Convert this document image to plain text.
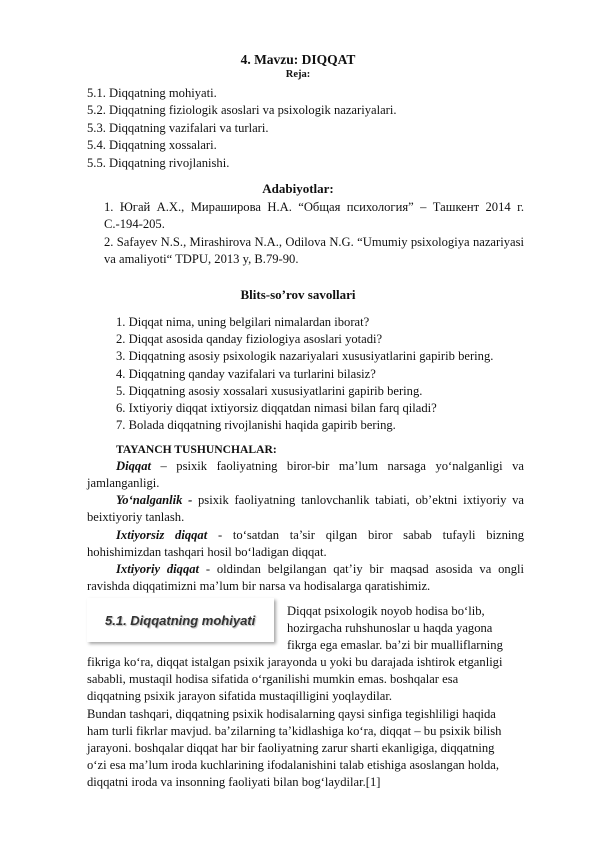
4. Mavzu: DIQQAT
Reja:
5.1. Diqqatning mohiyati.
5.2. Diqqatning fiziologik asoslari va psixologik nazariyalari.
5.3. Diqqatning vazifalari va turlari.
5.4. Diqqatning xossalari.
5.5. Diqqatning rivojlanishi.
Adabiyotlar:
1. Югай А.Х., Мираширова Н.А. “Общая психология” – Ташкент 2014 г. С.-194-205.
2. Safayev N.S., Mirashirova N.A., Odilova N.G. “Umumiy psixologiya nazariyasi va amaliyoti“ TDPU, 2013 y, B.79-90.
Blits-so’rov savollari
1. Diqqat nima, uning belgilari nimalardan iborat?
2. Diqqat asosida qanday fiziologiya asoslari yotadi?
3. Diqqatning asosiy psixologik nazariyalari xususiyatlarini gapirib bering.
4. Diqqatning qanday vazifalari va turlarini bilasiz?
5. Diqqatning asosiy xossalari xususiyatlarini gapirib bering.
6. Ixtiyoriy diqqat ixtiyorsiz diqqatdan nimasi bilan farq qiladi?
7. Bolada diqqatning rivojlanishi haqida gapirib bering.
TAYANCH TUSHUNCHALAR:
Diqqat – psixik faoliyatning biror-bir ma’lum narsaga yo‘nalganligi va jamlanganligi.
Yo‘nalganlik - psixik faoliyatning tanlovchanlik tabiati, ob’ektni ixtiyoriy va beixtiyoriy tanlash.
Ixtiyorsiz diqqat - to‘satdan ta’sir qilgan biror sabab tufayli bizning hohishimizdan tashqari hosil bo‘ladigan diqqat.
Ixtiyoriy diqqat - oldindan belgilangan qat’iy bir maqsad asosida va ongli ravishda diqqatimizni ma’lum bir narsa va hodisalarga qaratishimiz.
5.1. Diqqatning mohiyati
Diqqat psixologik noyob hodisa bo‘lib,
hozirgacha ruhshunoslar u haqda yagona
fikrga ega emaslar. ba’zi bir mualliflarning
fikriga ko‘ra, diqqat istalgan psixik jarayonda u yoki bu darajada ishtirok etganligi
sababli, mustaqil hodisa sifatida o‘rganilishi mumkin emas. boshqalar esa
diqqatning psixik jarayon sifatida mustaqilligini yoqlaydilar.
Bundan tashqari, diqqatning psixik hodisalarning qaysi sinfiga tegishliligi haqida
ham turli fikrlar mavjud. ba’zilarning ta’kidlashiga ko‘ra, diqqat – bu psixik bilish
jarayoni. boshqalar diqqat har bir faoliyatning zarur sharti ekanligiga, diqqatning
o‘zi esa ma’lum iroda kuchlarining ifodalanishini talab etishiga asoslangan holda,
diqqatni iroda va insonning faoliyati bilan bog‘laydilar.[1]
